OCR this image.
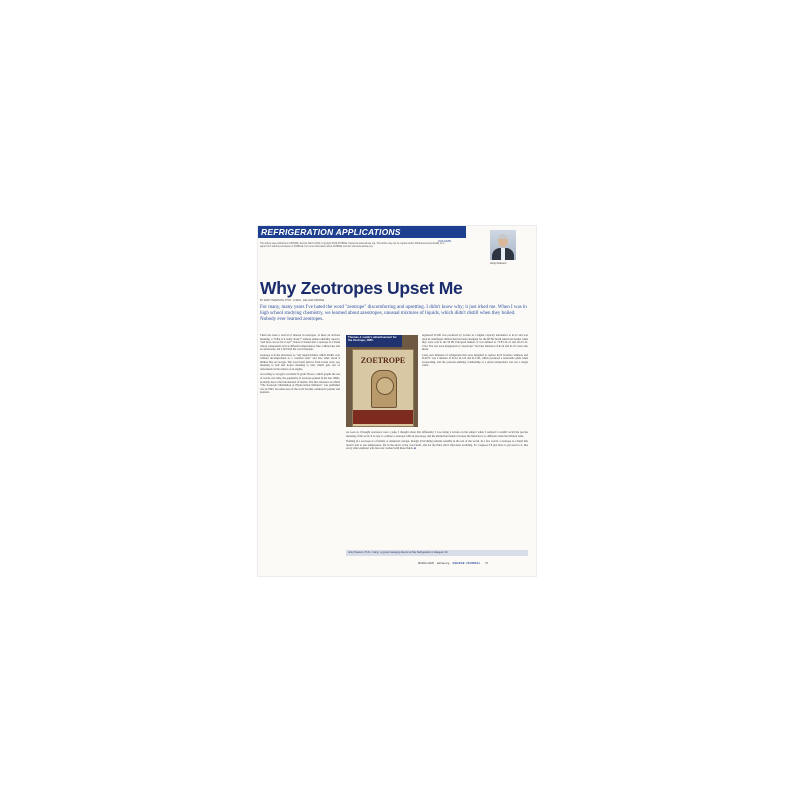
REFRIGERATION APPLICATIONS
COLUMN

This article was published in ASHRAE Journal, March 2020. Copyright 2020 ASHRAE. Posted at www.ashrae.org. This article may not be copied and/or distributed electronically or in paper form without permission of ASHRAE. For more information about ASHRAE Journal, visit www.ashrae.org.

Andy Pearson
Why Zeotropes Upset Me
BY ANDY PEARSON, PH.D., C.ENG., FELLOW ASHRAE

For many, many years I've hated the word "zeotrope" discomforting and upsetting. I didn't know why; it just irked me. When I was in high school studying chemistry, we learned about azeotropes, unusual mixtures of liquids, which didn't distill when they boiled. Nobody ever learned zeotropes.

There has been a revival of interest in zeotropes. Is there an obvious meaning, a "What is it really about?" without undue reliability aspects, "and how can we fix it up?" I know it means that a zeotrope is a blend whose components boil at different temperatures, like a dilute lake and an anti-freeze, but I still find the word tiresome.

Zeotrope is in the dictionary as "any liquid mixture which distills over without decomposition or a constant ratio" and also other about 9 million hits on Google. The word itself derives from Greek roots, zeo meaning to boil and tropos meaning to turn, which gets sort of unfortunate in the notion of an engine.

According to Google's excellent N-gram Viewer, which graphs the use of words over time, the popularity of zeotrope peaked in the late 1990s, probably due to the introduction of blends. The first reference in which "The Zeotropic Distillation of Hydrocarbon Mixtures" was published was in 1893, but other uses of the word became common in patents and journals.

ZOETROPE

Thomas J. Lamb's advertisement for the Zeotrope, 1865.

registered R-500 was produced by Carrier as a higher capacity alternative to R-12 and was used in centrifugal chillers that had been designed for the 60 Hz North American market when they were sold to the 50 Hz European market. It was defined as 73.8% R-12 and 26.2% R-152a. The rest were designated as "azeotropic" but later mixtures of R-22 and R-115 were also made.

Later, new mixtures of refrigerants that were designed to replace R-22 became common, and R-407C was a mixture of R-32, R-125 and R-134a, which produced a noticeable glide when evaporating, and the pressure-enthalpy relationship at a given temperature was not a single value.

As soon as I thought zeotropes were a joke, I thought about this differently. I was doing a lecture on the subject when I realized I couldn't recall the precise meaning of the word. It is easy to confuse a zeotrope with an azeotrope, and the distinction matters because the behavior is so different when the mixture boils.

Nothing in a zeotrope is a friendly or unnatural concept, though. Everything remains sensible in the rest of the world. In a few words: a zeotrope is a blend that doesn't boil at one temperature. Yet in the end it is the word itself, and not the fluid, that I find most troubling. So I suppose I'll just have to get used to it, like every other engineer who has ever worked with these fluids. ■

Andy Pearson, Ph.D., C.Eng., is group managing director at Star Refrigeration in Glasgow, UK.
MARCH 2020 ashrae.org ASHRAE JOURNAL 73
